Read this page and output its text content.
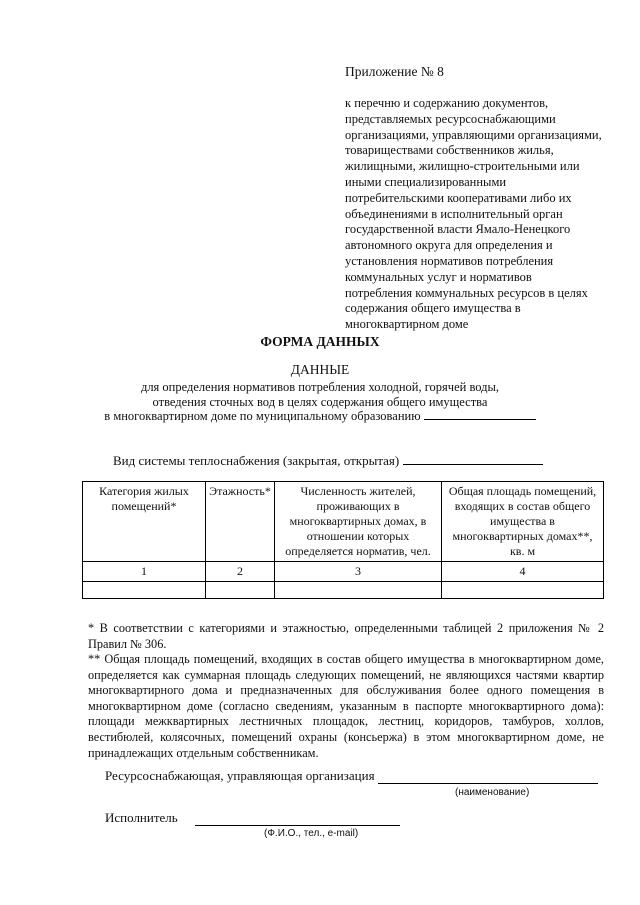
Приложение № 8
к перечню и содержанию документов,
представляемых ресурсоснабжающими
организациями, управляющими организациями,
товариществами собственников жилья,
жилищными, жилищно-строительными или
иными специализированными
потребительскими кооперативами либо их
объединениями в исполнительный орган
государственной власти Ямало-Ненецкого
автономного округа для определения и
установления нормативов потребления
коммунальных услуг и нормативов
потребления коммунальных ресурсов в целях
содержания общего имущества в
многоквартирном доме
ФОРМА ДАННЫХ
ДАННЫЕ
для определения нормативов потребления холодной, горячей воды,
отведения сточных вод в целях содержания общего имущества
в многоквартирном доме по муниципальному образованию
Вид системы теплоснабжения (закрытая, открытая)
Категория жилых помещений*	Этажность*	Численность жителей, проживающих в многоквартирных домах, в отношении которых определяется норматив, чел.	Общая площадь помещений, входящих в состав общего имущества в многоквартирных домах**, кв. м
1	2	3	4

* В соответствии с категориями и этажностью, определенными таблицей 2 приложения № 2 Правил № 306.
** Общая площадь помещений, входящих в состав общего имущества в многоквартирном доме, определяется как суммарная площадь следующих помещений, не являющихся частями квартир многоквартирного дома и предназначенных для обслуживания более одного помещения в многоквартирном доме (согласно сведениям, указанным в паспорте многоквартирного дома): площади межквартирных лестничных площадок, лестниц, коридоров, тамбуров, холлов, вестибюлей, колясочных, помещений охраны (консьержа) в этом многоквартирном доме, не принадлежащих отдельным собственникам.
Ресурсоснабжающая, управляющая организация
(наименование)
Исполнитель
(Ф.И.О., тел., e-mail)
